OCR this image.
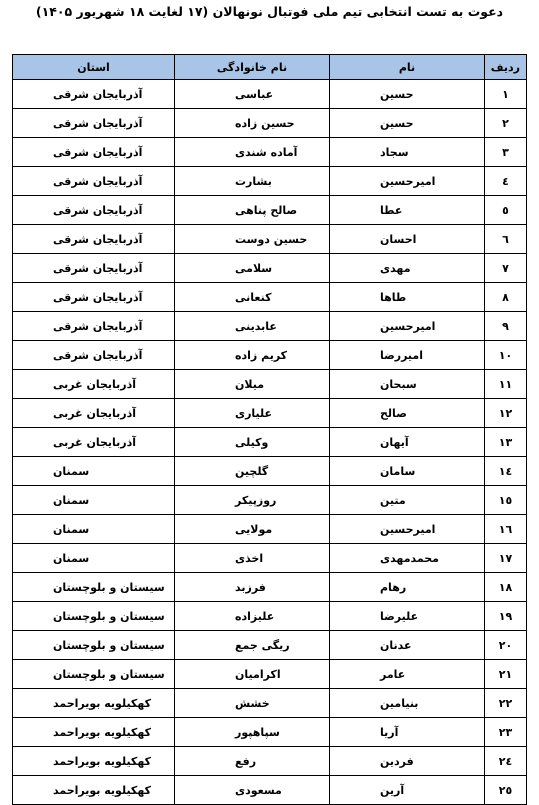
دعوت به تست انتخابی تیم ملی فوتبال نونهالان (۱۷ لغایت ۱۸ شهریور ۱۴۰۵)
ردیف	نام	نام خانوادگی	استان
۱	حسین	عباسی	آذربایجان شرقی
۲	حسین	حسین زاده	آذربایجان شرقی
۳	سجاد	آماده شندی	آذربایجان شرقی
٤	امیرحسین	بشارت	آذربایجان شرقی
٥	عطا	صالح پناهی	آذربایجان شرقی
٦	احسان	حسین دوست	آذربایجان شرقی
۷	مهدی	سلامی	آذربایجان شرقی
۸	طاها	کنعانی	آذربایجان شرقی
۹	امیرحسین	عابدینی	آذربایجان شرقی
۱۰	امیررضا	کریم زاده	آذربایجان شرقی
۱۱	سبحان	میلان	آذربایجان غربی
۱۲	صالح	علیاری	آذربایجان غربی
۱۳	آیهان	وکیلی	آذربایجان غربی
۱٤	سامان	گلچین	سمنان
۱٥	متین	روزپیکر	سمنان
۱٦	امیرحسین	مولایی	سمنان
۱۷	محمدمهدی	اخذی	سمنان
۱۸	رهام	فرزبد	سیستان و بلوچستان
۱۹	علیرضا	علیزاده	سیستان و بلوچستان
۲۰	عدنان	ریگی جمع	سیستان و بلوچستان
۲۱	عامر	اکرامیان	سیستان و بلوچستان
۲۲	بنیامین	خشش	کهکیلویه بویراحمد
۲۳	آریا	سپاهپور	کهکیلویه بویراحمد
۲٤	فردین	رفع	کهکیلویه بویراحمد
۲٥	آرین	مسعودی	کهکیلویه بویراحمد
